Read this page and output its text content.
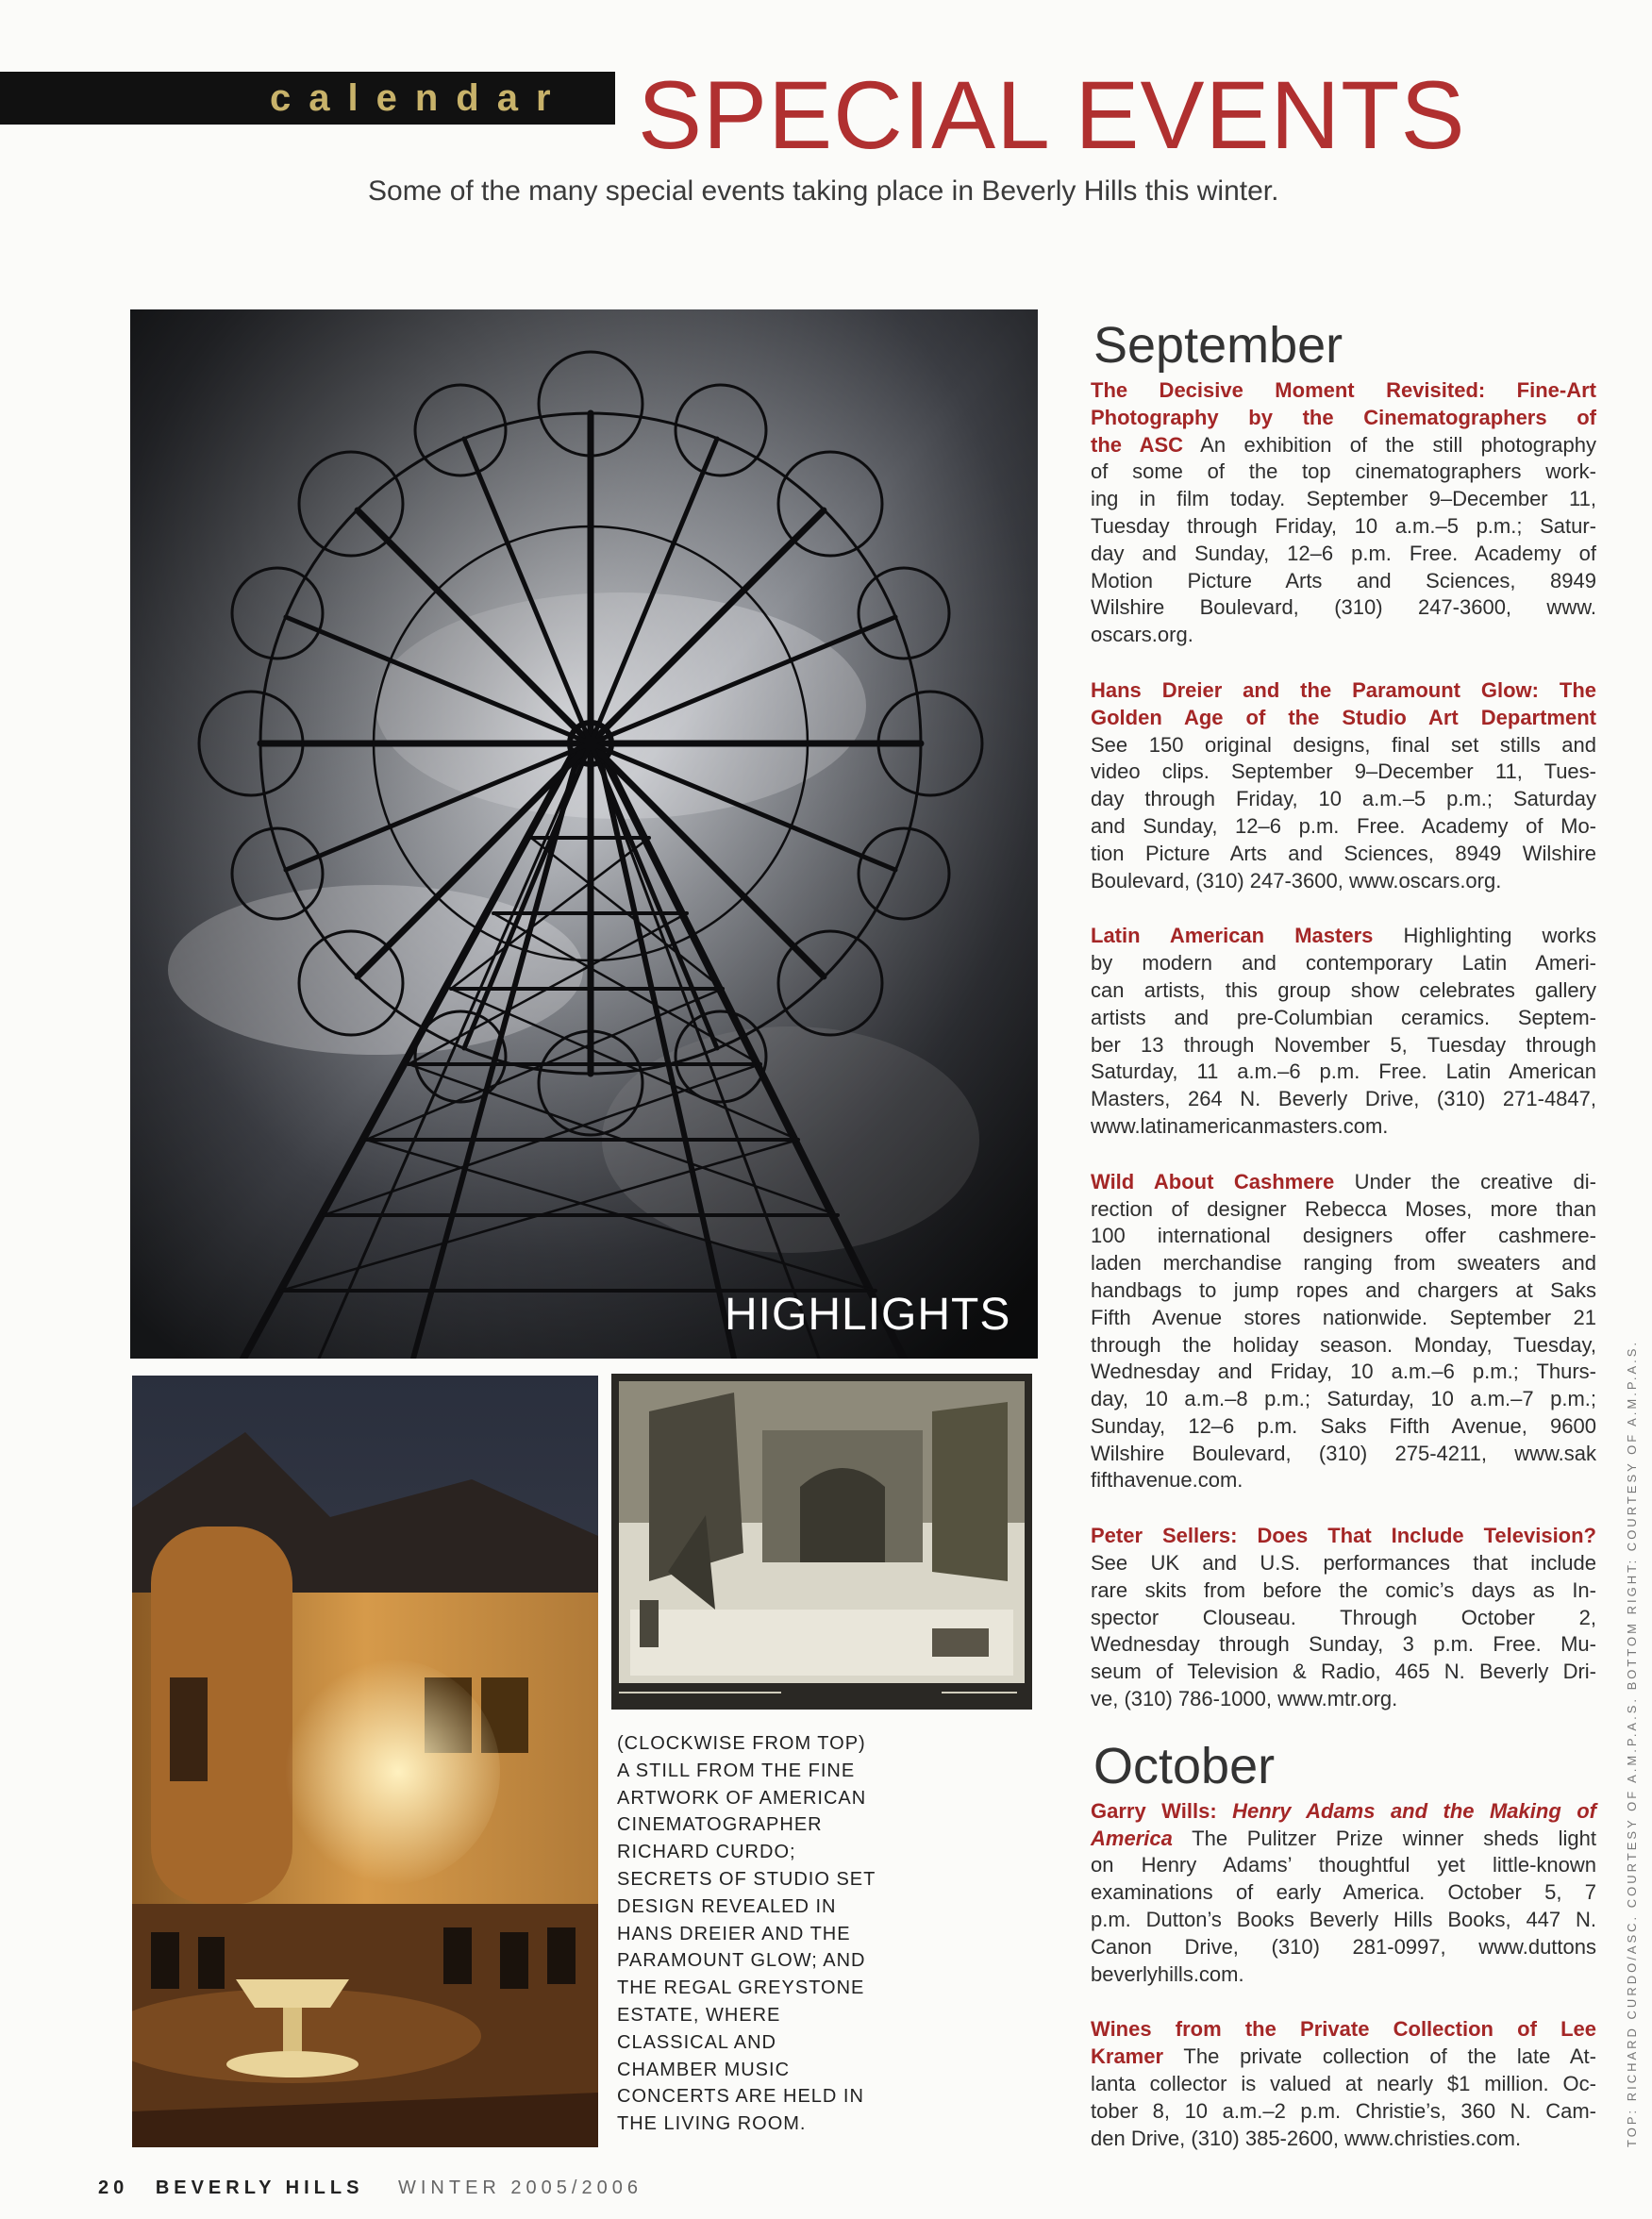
calendar SPECIAL EVENTS
Some of the many special events taking place in Beverly Hills this winter.
HIGHLIGHTS
(CLOCKWISE FROM TOP)
A STILL FROM THE FINE
ARTWORK OF AMERICAN
CINEMATOGRAPHER
RICHARD CURDO;
SECRETS OF STUDIO SET
DESIGN REVEALED IN
HANS DREIER AND THE
PARAMOUNT GLOW; AND
THE REGAL GREYSTONE
ESTATE, WHERE
CLASSICAL AND
CHAMBER MUSIC
CONCERTS ARE HELD IN
THE LIVING ROOM.
September
The Decisive Moment Revisited: Fine-Art
Photography by the Cinematographers of
the ASC An exhibition of the still photography
of some of the top cinematographers work-
ing in film today. September 9–December 11,
Tuesday through Friday, 10 a.m.–5 p.m.; Satur-
day and Sunday, 12–6 p.m. Free. Academy of
Motion Picture Arts and Sciences, 8949
Wilshire Boulevard, (310) 247-3600, www.
oscars.org.
Hans Dreier and the Paramount Glow: The
Golden Age of the Studio Art Department
See 150 original designs, final set stills and
video clips. September 9–December 11, Tues-
day through Friday, 10 a.m.–5 p.m.; Saturday
and Sunday, 12–6 p.m. Free. Academy of Mo-
tion Picture Arts and Sciences, 8949 Wilshire
Boulevard, (310) 247-3600, www.oscars.org.
Latin American Masters Highlighting works
by modern and contemporary Latin Ameri-
can artists, this group show celebrates gallery
artists and pre-Columbian ceramics. Septem-
ber 13 through November 5, Tuesday through
Saturday, 11 a.m.–6 p.m. Free. Latin American
Masters, 264 N. Beverly Drive, (310) 271-4847,
www.latinamericanmasters.com.
Wild About Cashmere Under the creative di-
rection of designer Rebecca Moses, more than
100 international designers offer cashmere-
laden merchandise ranging from sweaters and
handbags to jump ropes and chargers at Saks
Fifth Avenue stores nationwide. September 21
through the holiday season. Monday, Tuesday,
Wednesday and Friday, 10 a.m.–6 p.m.; Thurs-
day, 10 a.m.–8 p.m.; Saturday, 10 a.m.–7 p.m.;
Sunday, 12–6 p.m. Saks Fifth Avenue, 9600
Wilshire Boulevard, (310) 275-4211, www.sak
fifthavenue.com.
Peter Sellers: Does That Include Television?
See UK and U.S. performances that include
rare skits from before the comic’s days as In-
spector Clouseau. Through October 2,
Wednesday through Sunday, 3 p.m. Free. Mu-
seum of Television & Radio, 465 N. Beverly Dri-
ve, (310) 786-1000, www.mtr.org.
October
Garry Wills: Henry Adams and the Making of
America The Pulitzer Prize winner sheds light
on Henry Adams’ thoughtful yet little-known
examinations of early America. October 5, 7
p.m. Dutton’s Books Beverly Hills Books, 447 N.
Canon Drive, (310) 281-0997, www.duttons
beverlyhills.com.
Wines from the Private Collection of Lee
Kramer The private collection of the late At-
lanta collector is valued at nearly $1 million. Oc-
tober 8, 10 a.m.–2 p.m. Christie’s, 360 N. Cam-
den Drive, (310) 385-2600, www.christies.com.
20 BEVERLY HILLS WINTER 2005/2006
TOP: RICHARD CURDO/ASC. COURTESY OF A.M.P.A.S. BOTTOM RIGHT: COURTESY OF A.M.P.A.S.
